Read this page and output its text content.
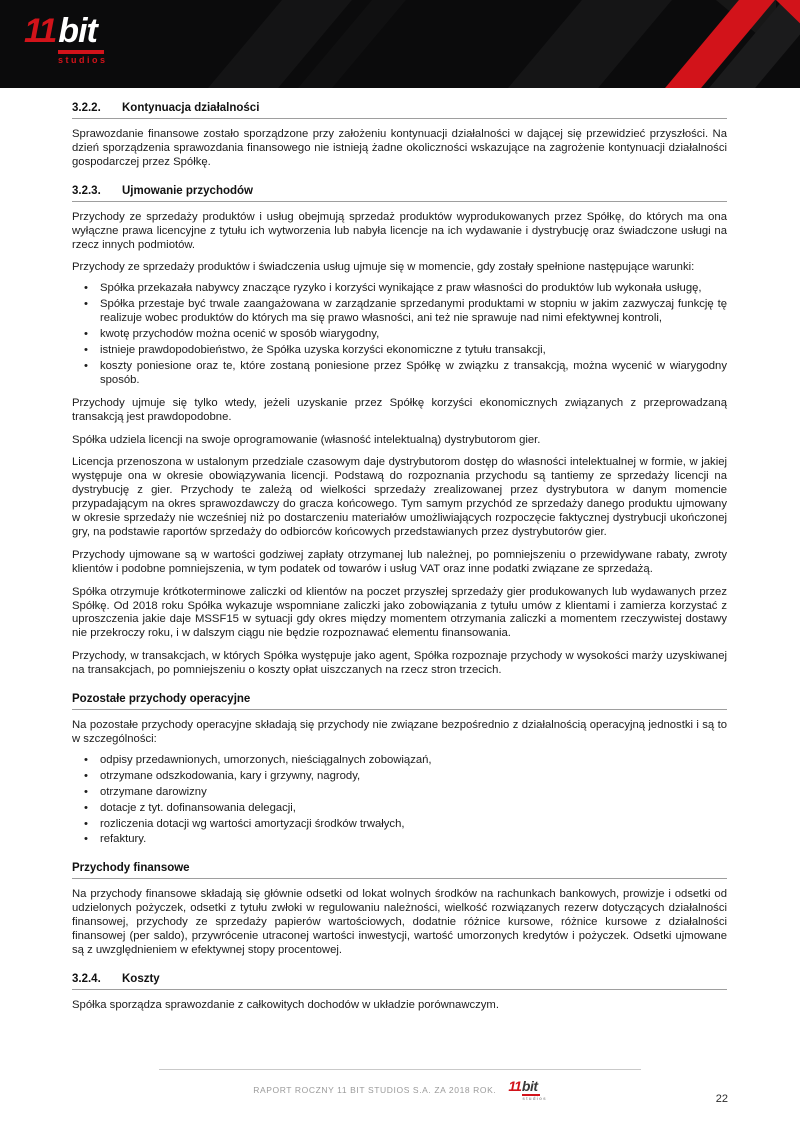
11 bit
studios
3.2.2.	Kontynuacja działalności

Sprawozdanie finansowe zostało sporządzone przy założeniu kontynuacji działalności w dającej się przewidzieć przyszłości. Na dzień sporządzenia sprawozdania finansowego nie istnieją żadne okoliczności wskazujące na zagrożenie kontynuacji działalności gospodarczej przez Spółkę.

3.2.3.	Ujmowanie przychodów

Przychody ze sprzedaży produktów i usług obejmują sprzedaż produktów wyprodukowanych przez Spółkę, do których ma ona wyłączne prawa licencyjne z tytułu ich wytworzenia lub nabyła licencje na ich wydawanie i dystrybucję oraz świadczone usługi na rzecz innych podmiotów.

Przychody ze sprzedaży produktów i świadczenia usług ujmuje się w momencie, gdy zostały spełnione następujące warunki:

• Spółka przekazała nabywcy znaczące ryzyko i korzyści wynikające z praw własności do produktów lub wykonała usługę,
• Spółka przestaje być trwale zaangażowana w zarządzanie sprzedanymi produktami w stopniu w jakim zazwyczaj funkcję tę realizuje wobec produktów do których ma się prawo własności, ani też nie sprawuje nad nimi efektywnej kontroli,
• kwotę przychodów można ocenić w sposób wiarygodny,
• istnieje prawdopodobieństwo, że Spółka uzyska korzyści ekonomiczne z tytułu transakcji,
• koszty poniesione oraz te, które zostaną poniesione przez Spółkę w związku z transakcją, można wycenić w wiarygodny sposób.

Przychody ujmuje się tylko wtedy, jeżeli uzyskanie przez Spółkę korzyści ekonomicznych związanych z przeprowadzaną transakcją jest prawdopodobne.

Spółka udziela licencji na swoje oprogramowanie (własność intelektualną) dystrybutorom gier.

Licencja przenoszona w ustalonym przedziale czasowym daje dystrybutorom dostęp do własności intelektualnej w formie, w jakiej występuje ona w okresie obowiązywania licencji. Podstawą do rozpoznania przychodu są tantiemy ze sprzedaży licencji na dystrybucję z gier. Przychody te zależą od wielkości sprzedaży zrealizowanej przez dystrybutora w danym momencie przypadającym na okres sprawozdawczy do gracza końcowego. Tym samym przychód ze sprzedaży danego produktu ujmowany w okresie sprzedaży nie wcześniej niż po dostarczeniu materiałów umożliwiających rozpoczęcie faktycznej dystrybucji ukończonej gry, na podstawie raportów sprzedaży do odbiorców końcowych przedstawianych przez dystrybutorów gier.

Przychody ujmowane są w wartości godziwej zapłaty otrzymanej lub należnej, po pomniejszeniu o przewidywane rabaty, zwroty klientów i podobne pomniejszenia, w tym podatek od towarów i usług VAT oraz inne podatki związane ze sprzedażą.

Spółka otrzymuje krótkoterminowe zaliczki od klientów na poczet przyszłej sprzedaży gier produkowanych lub wydawanych przez Spółkę. Od 2018 roku Spółka wykazuje wspomniane zaliczki jako zobowiązania z tytułu umów z klientami i zamierza korzystać z uproszczenia jakie daje MSSF15 w sytuacji gdy okres między momentem otrzymania zaliczki a momentem rzeczywistej dostawy nie przekroczy roku, i w dalszym ciągu nie będzie rozpoznawać elementu finansowania.

Przychody, w transakcjach, w których Spółka występuje jako agent, Spółka rozpoznaje przychody w wysokości marży uzyskiwanej na transakcjach, po pomniejszeniu o koszty opłat uiszczanych na rzecz stron trzecich.

Pozostałe przychody operacyjne

Na pozostałe przychody operacyjne składają się przychody nie związane bezpośrednio z działalnością operacyjną jednostki i są to w szczególności:

• odpisy przedawnionych, umorzonych, nieściągalnych zobowiązań,
• otrzymane odszkodowania, kary i grzywny, nagrody,
• otrzymane darowizny
• dotacje z tyt. dofinansowania delegacji,
• rozliczenia dotacji wg wartości amortyzacji środków trwałych,
• refaktury.
Przychody finansowe

Na przychody finansowe składają się głównie odsetki od lokat wolnych środków na rachunkach bankowych, prowizje i odsetki od udzielonych pożyczek, odsetki z tytułu zwłoki w regulowaniu należności, wielkość rozwiązanych rezerw dotyczących działalności finansowej, przychody ze sprzedaży papierów wartościowych, dodatnie różnice kursowe, różnice kursowe z działalności finansowej (per saldo), przywrócenie utraconej wartości inwestycji, wartość umorzonych kredytów i pożyczek. Odsetki ujmowane są z uwzględnieniem w efektywnej stopy procentowej.

3.2.4.	Koszty

Spółka sporządza sprawozdanie z całkowitych dochodów w układzie porównawczym.

RAPORT ROCZNY 11 BIT STUDIOS S.A. ZA 2018 ROK. 11 bit
studios	22
